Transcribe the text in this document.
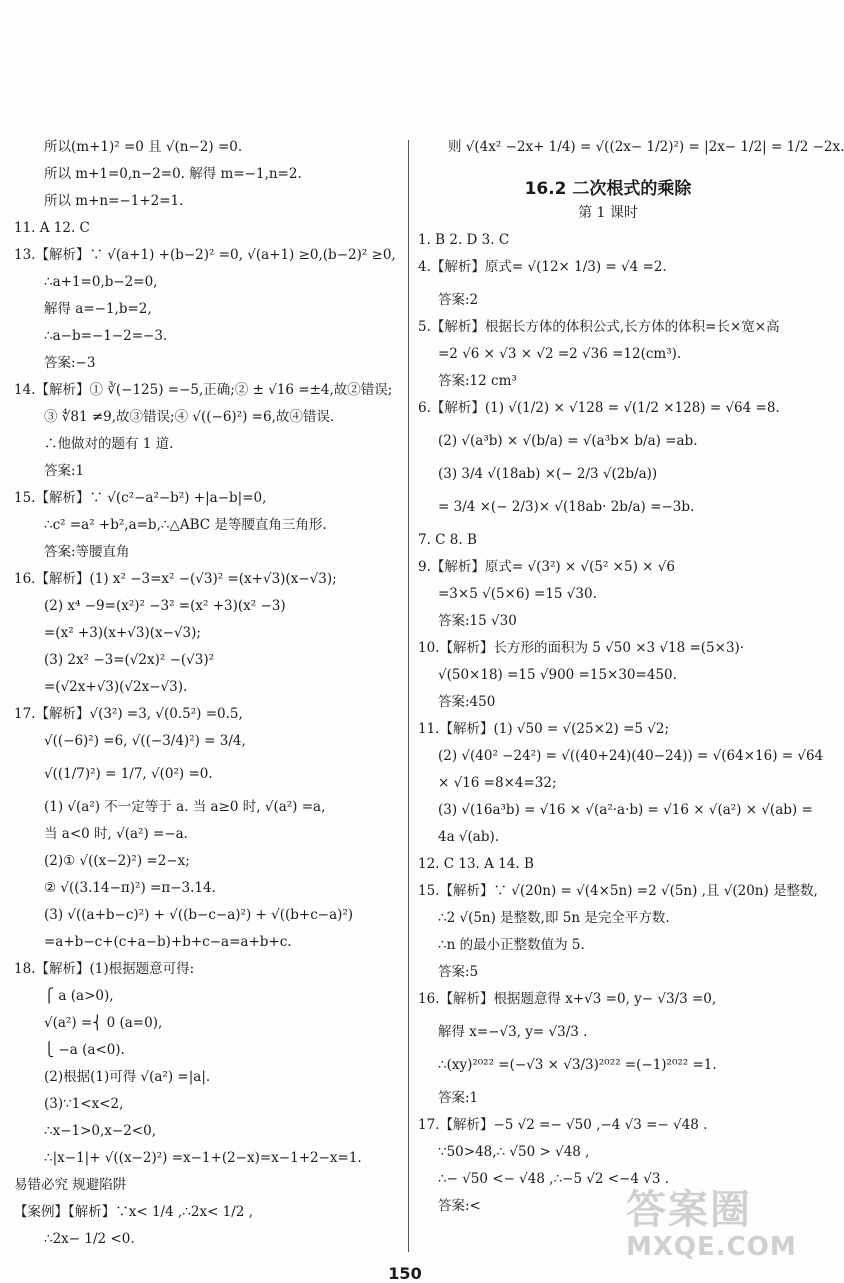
所以(m+1)² =0 且 √(n−2) =0.
所以 m+1=0,n−2=0. 解得 m=−1,n=2.
所以 m+n=−1+2=1.
11. A 12. C
13.【解析】∵ √(a+1) +(b−2)² =0, √(a+1) ≥0,(b−2)² ≥0,
∴a+1=0,b−2=0,
解得 a=−1,b=2,
∴a−b=−1−2=−3.
答案:−3
14.【解析】① ∛(−125) =−5,正确;② ± √16 =±4,故②错误;
③ ∜81 ≠9,故③错误;④ √((−6)²) =6,故④错误.
∴他做对的题有 1 道.
答案:1
15.【解析】∵ √(c²−a²−b²) +|a−b|=0,
∴c² =a² +b²,a=b,∴△ABC 是等腰直角三角形.
答案:等腰直角
16.【解析】(1) x² −3=x² −(√3)² =(x+√3)(x−√3);
(2) x⁴ −9=(x²)² −3² =(x² +3)(x² −3)
=(x² +3)(x+√3)(x−√3);
(3) 2x² −3=(√2x)² −(√3)²
=(√2x+√3)(√2x−√3).
17.【解析】√(3²) =3, √(0.5²) =0.5,
√((−6)²) =6, √((−3/4)²) = 3/4,
√((1/7)²) = 1/7, √(0²) =0.
(1) √(a²) 不一定等于 a. 当 a≥0 时, √(a²) =a,
当 a<0 时, √(a²) =−a.
(2)① √((x−2)²) =2−x;
② √((3.14−π)²) =π−3.14.
(3) √((a+b−c)²) + √((b−c−a)²) + √((b+c−a)²)
=a+b−c+(c+a−b)+b+c−a=a+b+c.
18.【解析】(1)根据题意可得:
⎧ a (a>0),
√(a²) =⎨ 0 (a=0),
⎩ −a (a<0).
(2)根据(1)可得 √(a²) =|a|.
(3)∵1<x<2,
∴x−1>0,x−2<0,
∴|x−1|+ √((x−2)²) =x−1+(2−x)=x−1+2−x=1.
易错必究 规避陷阱
【案例】【解析】∵x< 1/4 ,∴2x< 1/2 ,
∴2x− 1/2 <0.
则 √(4x² −2x+ 1/4) = √((2x− 1/2)²) = |2x− 1/2| = 1/2 −2x.
16.2 二次根式的乘除
第 1 课时
1. B 2. D 3. C
4.【解析】原式= √(12× 1/3) = √4 =2.
答案:2
5.【解析】根据长方体的体积公式,长方体的体积=长×宽×高
=2 √6 × √3 × √2 =2 √36 =12(cm³).
答案:12 cm³
6.【解析】(1) √(1/2) × √128 = √(1/2 ×128) = √64 =8.
(2) √(a³b) × √(b/a) = √(a³b× b/a) =ab.
(3) 3/4 √(18ab) ×(− 2/3 √(2b/a))
= 3/4 ×(− 2/3)× √(18ab· 2b/a) =−3b.
7. C 8. B
9.【解析】原式= √(3²) × √(5² ×5) × √6
=3×5 √(5×6) =15 √30.
答案:15 √30
10.【解析】长方形的面积为 5 √50 ×3 √18 =(5×3)·
√(50×18) =15 √900 =15×30=450.
答案:450
11.【解析】(1) √50 = √(25×2) =5 √2;
(2) √(40² −24²) = √((40+24)(40−24)) = √(64×16) = √64
× √16 =8×4=32;
(3) √(16a³b) = √16 × √(a²·a·b) = √16 × √(a²) × √(ab) =
4a √(ab).
12. C 13. A 14. B
15.【解析】∵ √(20n) = √(4×5n) =2 √(5n) ,且 √(20n) 是整数,
∴2 √(5n) 是整数,即 5n 是完全平方数.
∴n 的最小正整数值为 5.
答案:5
16.【解析】根据题意得 x+√3 =0, y− √3/3 =0,
解得 x=−√3, y= √3/3 .
∴(xy)²⁰²² =(−√3 × √3/3)²⁰²² =(−1)²⁰²² =1.
答案:1
17.【解析】−5 √2 =− √50 ,−4 √3 =− √48 .
∵50>48,∴ √50 > √48 ,
∴− √50 <− √48 ,∴−5 √2 <−4 √3 .
答案:<
150
答案圈
MXQE.COM
